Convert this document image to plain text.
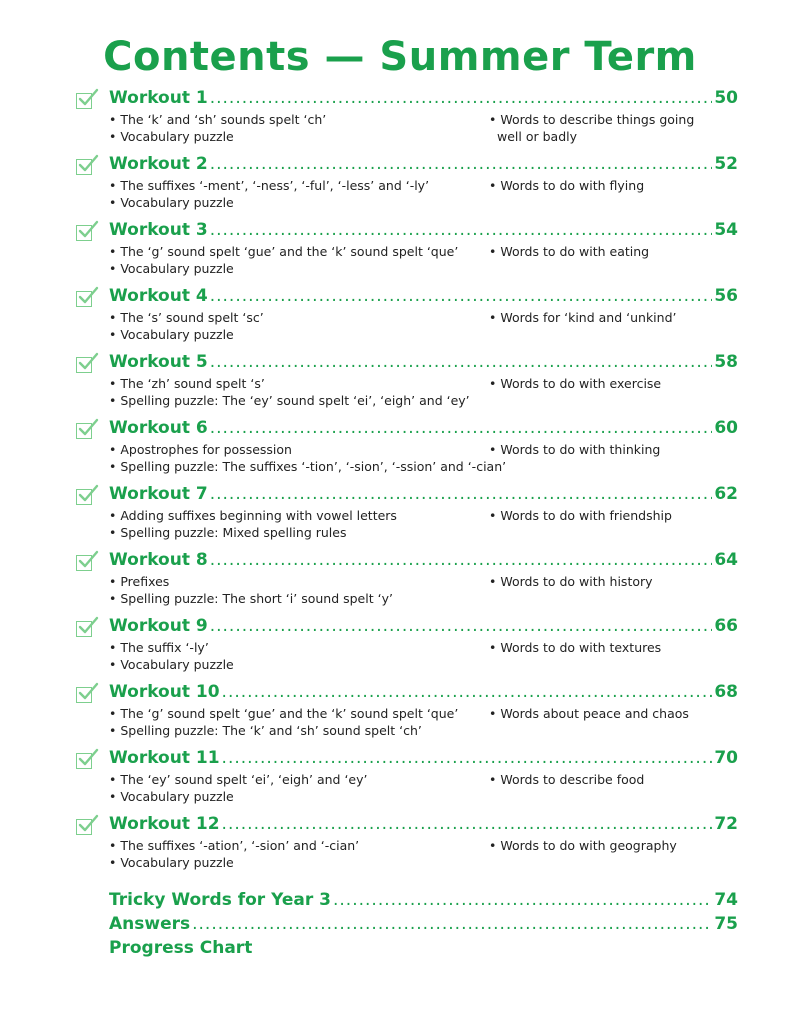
Contents — Summer Term
Workout 1 .....	50
• The ‘k’ and ‘sh’ sounds spelt ‘ch’
• Vocabulary puzzle
• Words to describe things going
well or badly
Workout 2 .....	52
• The suffixes ‘-ment’, ‘-ness’, ‘-ful’, ‘-less’ and ‘-ly’
• Vocabulary puzzle
• Words to do with flying
Workout 3 .....	54
• The ‘g’ sound spelt ‘gue’ and the ‘k’ sound spelt ‘que’
• Vocabulary puzzle
• Words to do with eating
Workout 4 .....	56
• The ‘s’ sound spelt ‘sc’
• Vocabulary puzzle
• Words for ‘kind and ‘unkind’
Workout 5 .....	58
• The ‘zh’ sound spelt ‘s’
• Spelling puzzle: The ‘ey’ sound spelt ‘ei’, ‘eigh’ and ‘ey’
• Words to do with exercise
Workout 6 .....	60
• Apostrophes for possession
• Spelling puzzle: The suffixes ‘-tion’, ‘-sion’, ‘-ssion’ and ‘-cian’
• Words to do with thinking
Workout 7 .....	62
• Adding suffixes beginning with vowel letters
• Spelling puzzle: Mixed spelling rules
• Words to do with friendship
Workout 8 .....	64
• Prefixes
• Spelling puzzle: The short ‘i’ sound spelt ‘y’
• Words to do with history
Workout 9 .....	66
• The suffix ‘-ly’
• Vocabulary puzzle
• Words to do with textures
Workout 10 .....	68
• The ‘g’ sound spelt ‘gue’ and the ‘k’ sound spelt ‘que’
• Spelling puzzle: The ‘k’ and ‘sh’ sound spelt ‘ch’
• Words about peace and chaos
Workout 11 .....	70
• The ‘ey’ sound spelt ‘ei’, ‘eigh’ and ‘ey’
• Vocabulary puzzle
• Words to describe food
Workout 12 .....	72
• The suffixes ‘-ation’, ‘-sion’ and ‘-cian’
• Vocabulary puzzle
• Words to do with geography
Tricky Words for Year 3 .....	74
Answers .....	75
Progress Chart
